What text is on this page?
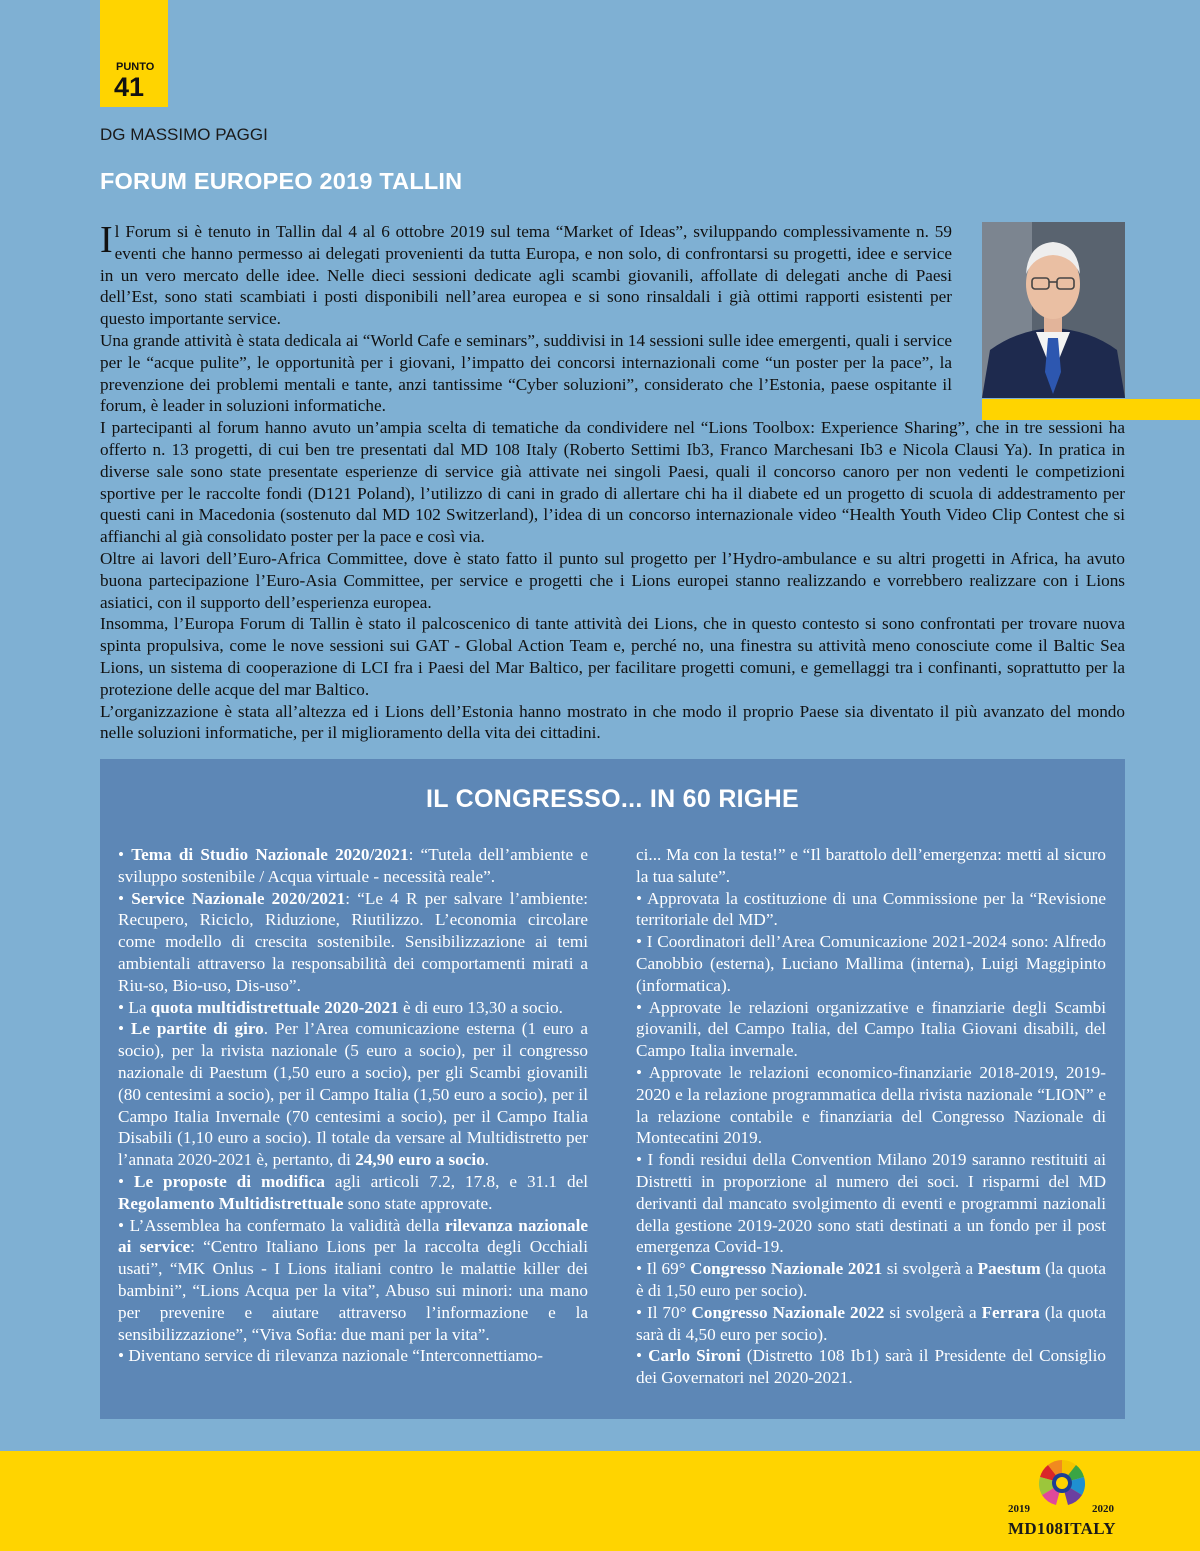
PUNTO
41
DG MASSIMO PAGGI
FORUM EUROPEO 2019 TALLIN

Il Forum si è tenuto in Tallin dal 4 al 6 ottobre 2019 sul tema “Market of Ideas”, sviluppando complessivamente n. 59 eventi che hanno permesso ai delegati provenienti da tutta Europa, e non solo, di confrontarsi su progetti, idee e service in un vero mercato delle idee. Nelle dieci sessioni dedicate agli scambi giovanili, affollate di delegati anche di Paesi dell’Est, sono stati scambiati i posti disponibili nell’area europea e si sono rinsaldali i già ottimi rapporti esistenti per questo importante service.

Una grande attività è stata dedicala ai “World Cafe e seminars”, suddivisi in 14 sessioni sulle idee emergenti, quali i service per le “acque pulite”, le opportunità per i giovani, l’impatto dei concorsi internazionali come “un poster per la pace”, la prevenzione dei problemi mentali e tante, anzi tantissime “Cyber soluzioni”, considerato che l’Estonia, paese ospitante il forum, è leader in soluzioni informatiche.

I partecipanti al forum hanno avuto un’ampia scelta di tematiche da condividere nel “Lions Toolbox: Experience Sharing”, che in tre sessioni ha offerto n. 13 progetti, di cui ben tre presentati dal MD 108 Italy (Roberto Settimi Ib3, Franco Marchesani Ib3 e Nicola Clausi Ya). In pratica in diverse sale sono state presentate esperienze di service già attivate nei singoli Paesi, quali il concorso canoro per non vedenti le competizioni sportive per le raccolte fondi (D121 Poland), l’utilizzo di cani in grado di allertare chi ha il diabete ed un progetto di scuola di addestramento per questi cani in Macedonia (sostenuto dal MD 102 Switzerland), l’idea di un concorso internazionale video “Health Youth Video Clip Contest che si affianchi al già consolidato poster per la pace e così via.

Oltre ai lavori dell’Euro-Africa Committee, dove è stato fatto il punto sul progetto per l’Hydro-ambulance e su altri progetti in Africa, ha avuto buona partecipazione l’Euro-Asia Committee, per service e progetti che i Lions europei stanno realizzando e vorrebbero realizzare con i Lions asiatici, con il supporto dell’esperienza europea.

Insomma, l’Europa Forum di Tallin è stato il palcoscenico di tante attività dei Lions, che in questo contesto si sono confrontati per trovare nuova spinta propulsiva, come le nove sessioni sui GAT - Global Action Team e, perché no, una finestra su attività meno conosciute come il Baltic Sea Lions, un sistema di cooperazione di LCI fra i Paesi del Mar Baltico, per facilitare progetti comuni, e gemellaggi tra i confinanti, soprattutto per la protezione delle acque del mar Baltico.

L’organizzazione è stata all’altezza ed i Lions dell’Estonia hanno mostrato in che modo il proprio Paese sia diventato il più avanzato del mondo nelle soluzioni informatiche, per il miglioramento della vita dei cittadini.

IL CONGRESSO... IN 60 RIGHE

• Tema di Studio Nazionale 2020/2021: “Tutela dell’ambiente e sviluppo sostenibile / Acqua virtuale - necessità reale”.

• Service Nazionale 2020/2021: “Le 4 R per salvare l’ambiente: Recupero, Riciclo, Riduzione, Riutilizzo. L’economia circolare come modello di crescita sostenibile. Sensibilizzazione ai temi ambientali attraverso la responsabilità dei comportamenti mirati a Riu-so, Bio-uso, Dis-uso”.

• La quota multidistrettuale 2020-2021 è di euro 13,30 a socio.

• Le partite di giro. Per l’Area comunicazione esterna (1 euro a socio), per la rivista nazionale (5 euro a socio), per il congresso nazionale di Paestum (1,50 euro a socio), per gli Scambi giovanili (80 centesimi a socio), per il Campo Italia (1,50 euro a socio), per il Campo Italia Invernale (70 centesimi a socio), per il Campo Italia Disabili (1,10 euro a socio). Il totale da versare al Multidistretto per l’annata 2020-2021 è, pertanto, di 24,90 euro a socio.

• Le proposte di modifica agli articoli 7.2, 17.8, e 31.1 del Regolamento Multidistrettuale sono state approvate.

• L’Assemblea ha confermato la validità della rilevanza nazionale ai service: “Centro Italiano Lions per la raccolta degli Occhiali usati”, “MK Onlus - I Lions italiani contro le malattie killer dei bambini”, “Lions Acqua per la vita”, Abuso sui minori: una mano per prevenire e aiutare attraverso l’informazione e la sensibilizzazione”, “Viva Sofia: due mani per la vita”.

• Diventano service di rilevanza nazionale “Interconnettiamo-

ci... Ma con la testa!” e “Il barattolo dell’emergenza: metti al sicuro la tua salute”.

• Approvata la costituzione di una Commissione per la “Revisione territoriale del MD”.

• I Coordinatori dell’Area Comunicazione 2021-2024 sono: Alfredo Canobbio (esterna), Luciano Mallima (interna), Luigi Maggipinto (informatica).

• Approvate le relazioni organizzative e finanziarie degli Scambi giovanili, del Campo Italia, del Campo Italia Giovani disabili, del Campo Italia invernale.

• Approvate le relazioni economico-finanziarie 2018-2019, 2019-2020 e la relazione programmatica della rivista nazionale “LION” e la relazione contabile e finanziaria del Congresso Nazionale di Montecatini 2019.

• I fondi residui della Convention Milano 2019 saranno restituiti ai Distretti in proporzione al numero dei soci. I risparmi del MD derivanti dal mancato svolgimento di eventi e programmi nazionali della gestione 2019-2020 sono stati destinati a un fondo per il post emergenza Covid-19.

• Il 69° Congresso Nazionale 2021 si svolgerà a Paestum (la quota è di 1,50 euro per socio).

• Il 70° Congresso Nazionale 2022 si svolgerà a Ferrara (la quota sarà di 4,50 euro per socio).

• Carlo Sironi (Distretto 108 Ib1) sarà il Presidente del Consiglio dei Governatori nel 2020-2021.

2019	2020
MD108ITALY
